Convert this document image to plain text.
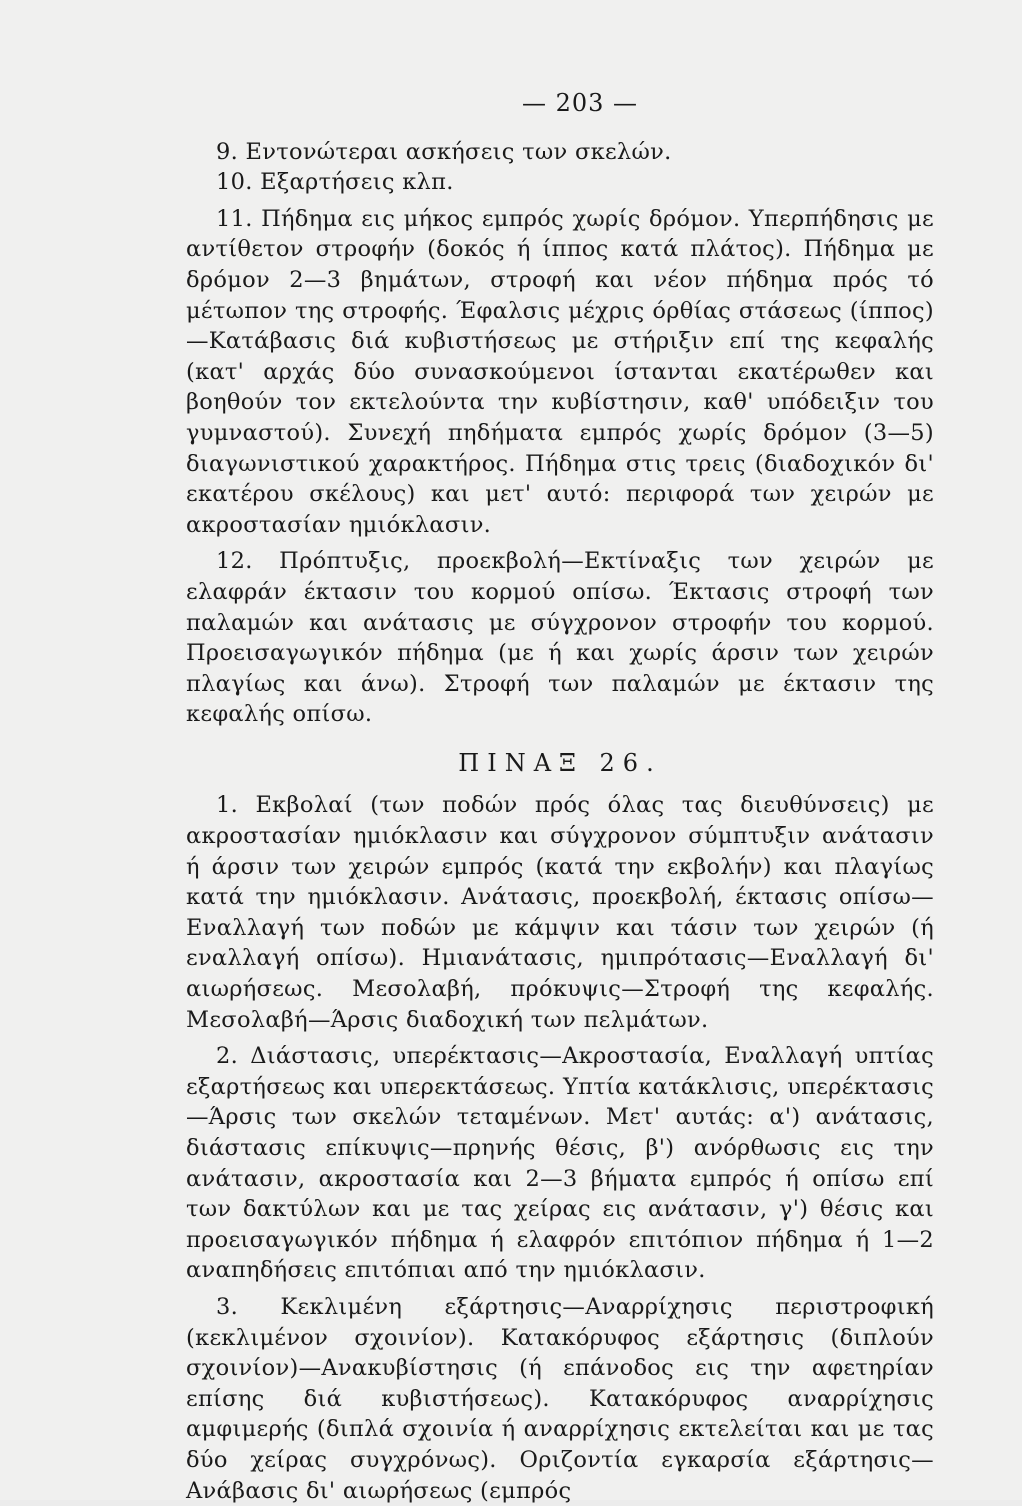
— 203 —

9. Εντονώτεραι ασκήσεις των σκελών.

10. Εξαρτήσεις κλπ.

11. Πήδημα εις μήκος εμπρός χωρίς δρόμον. Υπερπήδησις με αντίθετον στροφήν (δοκός ή ίππος κατά πλάτος). Πήδημα με δρόμον 2—3 βημάτων, στροφή και νέον πήδημα πρός τό μέτωπον της στροφής. Έφαλσις μέχρις όρθίας στάσεως (ίππος)—Κατάβασις διά κυβιστήσεως με στήριξιν επί της κεφαλής (κατ' αρχάς δύο συνασκούμενοι ίστανται εκατέρωθεν και βοηθούν τον εκτελούντα την κυβίστησιν, καθ' υπόδειξιν του γυμναστού). Συνεχή πηδήματα εμπρός χωρίς δρόμον (3—5) διαγωνιστικού χαρακτήρος. Πήδημα στις τρεις (διαδοχικόν δι' εκατέρου σκέλους) και μετ' αυτό: περιφορά των χειρών με ακροστασίαν ημιόκλασιν.

12. Πρόπτυξις, προεκβολή—Εκτίναξις των χειρών με ελαφράν έκτασιν του κορμού οπίσω. Έκτασις στροφή των παλαμών και ανάτασις με σύγχρονον στροφήν του κορμού. Προεισαγωγικόν πήδημα (με ή και χωρίς άρσιν των χειρών πλαγίως και άνω). Στροφή των παλαμών με έκτασιν της κεφαλής οπίσω.

ΠΙΝΑΞ 26.

1. Εκβολαί (των ποδών πρός όλας τας διευθύνσεις) με ακροστασίαν ημιόκλασιν και σύγχρονον σύμπτυξιν ανάτασιν ή άρσιν των χειρών εμπρός (κατά την εκβολήν) και πλαγίως κατά την ημιόκλασιν. Ανάτασις, προεκβολή, έκτασις οπίσω—Εναλλαγή των ποδών με κάμψιν και τάσιν των χειρών (ή εναλλαγή οπίσω). Ημιανάτασις, ημιπρότασις—Εναλλαγή δι' αιωρήσεως. Μεσολαβή, πρόκυψις—Στροφή της κεφαλής. Μεσολαβή—Άρσις διαδοχική των πελμάτων.

2. Διάστασις, υπερέκτασις—Ακροστασία, Εναλλαγή υπτίας εξαρτήσεως και υπερεκτάσεως. Υπτία κατάκλισις, υπερέκτασις—Άρσις των σκελών τεταμένων. Μετ' αυτάς: α') ανάτασις, διάστασις επίκυψις—πρηνής θέσις, β') ανόρθωσις εις την ανάτασιν, ακροστασία και 2—3 βήματα εμπρός ή οπίσω επί των δακτύλων και με τας χείρας εις ανάτασιν, γ') θέσις και προεισαγωγικόν πήδημα ή ελαφρόν επιτόπιον πήδημα ή 1—2 αναπηδήσεις επιτόπιαι από την ημιόκλασιν.

3. Κεκλιμένη εξάρτησις—Αναρρίχησις περιστροφική (κεκλιμένον σχοινίον). Κατακόρυφος εξάρτησις (διπλούν σχοινίον)—Ανακυβίστησις (ή επάνοδος εις την αφετηρίαν επίσης διά κυβιστήσεως). Κατακόρυφος αναρρίχησις αμφιμερής (διπλά σχοινία ή αναρρίχησις εκτελείται και με τας δύο χείρας συγχρόνως). Οριζοντία εγκαρσία εξάρτησις—Ανάβασις δι' αιωρήσεως (εμπρός
